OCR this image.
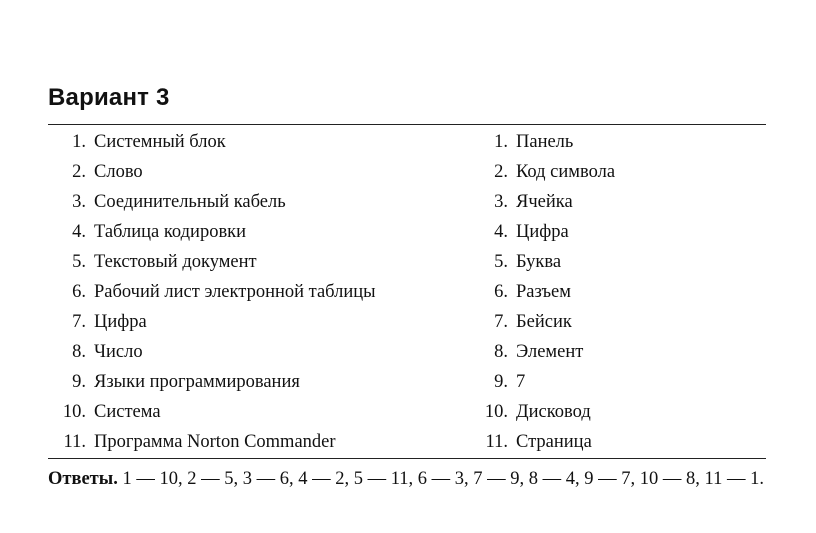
Вариант 3
1. Системный блок
2. Слово
3. Соединительный кабель
4. Таблица кодировки
5. Текстовый документ
6. Рабочий лист электронной таблицы
7. Цифра
8. Число
9. Языки программирования
10. Система
11. Программа Norton Commander
1. Панель
2. Код символа
3. Ячейка
4. Цифра
5. Буква
6. Разъем
7. Бейсик
8. Элемент
9. 7
10. Дисковод
11. Страница
Ответы. 1 — 10, 2 — 5, 3 — 6, 4 — 2, 5 — 11, 6 — 3, 7 — 9, 8 — 4, 9 — 7, 10 — 8, 11 — 1.
